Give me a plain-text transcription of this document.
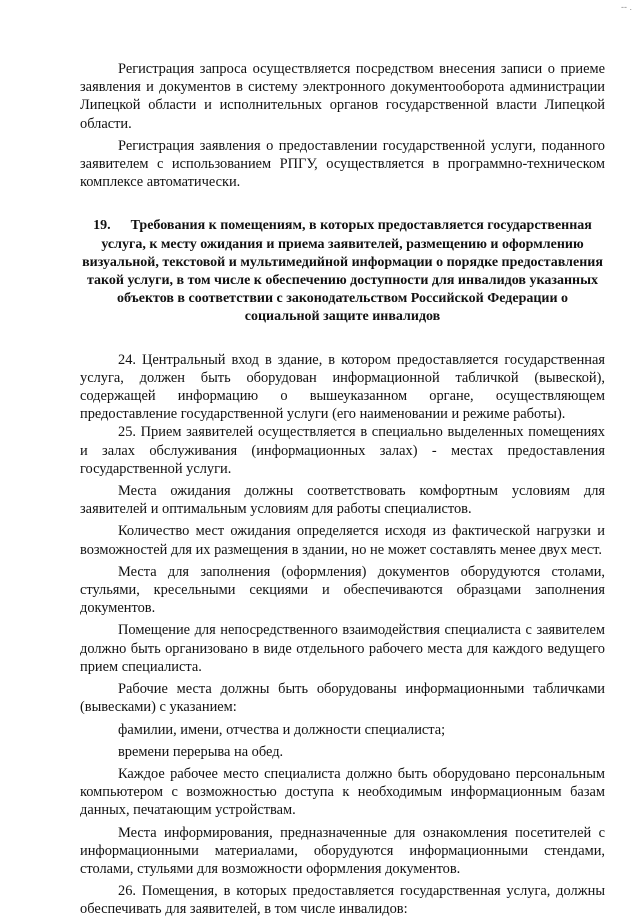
-- .

Регистрация запроса осуществляется посредством внесения записи о приеме заявления и документов в систему электронного документооборота администрации Липецкой области и исполнительных органов государственной власти Липецкой области.

Регистрация заявления о предоставлении государственной услуги, поданного заявителем с использованием РПГУ, осуществляется в программно-техническом комплексе автоматически.

19. Требования к помещениям, в которых предоставляется государственная услуга, к месту ожидания и приема заявителей, размещению и оформлению визуальной, текстовой и мультимедийной информации о порядке предоставления такой услуги, в том числе к обеспечению доступности для инвалидов указанных объектов в соответствии с законодательством Российской Федерации о социальной защите инвалидов

24. Центральный вход в здание, в котором предоставляется государственная услуга, должен быть оборудован информационной табличкой (вывеской), содержащей информацию о вышеуказанном органе, осуществляющем предоставление государственной услуги (его наименовании и режиме работы).

25. Прием заявителей осуществляется в специально выделенных помещениях и залах обслуживания (информационных залах) - местах предоставления государственной услуги.

Места ожидания должны соответствовать комфортным условиям для заявителей и оптимальным условиям для работы специалистов.

Количество мест ожидания определяется исходя из фактической нагрузки и возможностей для их размещения в здании, но не может составлять менее двух мест.

Места для заполнения (оформления) документов оборудуются столами, стульями, кресельными секциями и обеспечиваются образцами заполнения документов.

Помещение для непосредственного взаимодействия специалиста с заявителем должно быть организовано в виде отдельного рабочего места для каждого ведущего прием специалиста.

Рабочие места должны быть оборудованы информационными табличками (вывесками) с указанием:

фамилии, имени, отчества и должности специалиста;

времени перерыва на обед.

Каждое рабочее место специалиста должно быть оборудовано персональным компьютером с возможностью доступа к необходимым информационным базам данных, печатающим устройствам.

Места информирования, предназначенные для ознакомления посетителей с информационными материалами, оборудуются информационными стендами, столами, стульями для возможности оформления документов.

26. Помещения, в которых предоставляется государственная услуга, должны обеспечивать для заявителей, в том числе инвалидов:
